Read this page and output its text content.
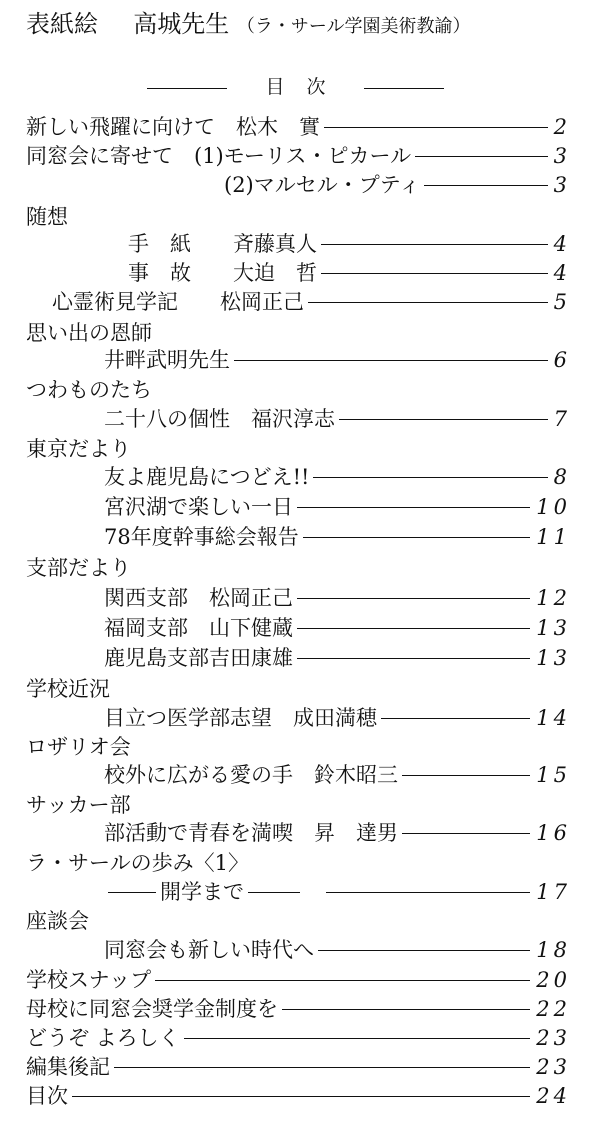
表紙絵 高城先生 （ラ・サール学園美術教諭）
目次
新しい飛躍に向けて　松木　實	2
同窓会に寄せて　(1)モーリス・ピカール	3
(2)マルセル・プティ	3
随想
手　紙　　斉藤真人	4
事　故　　大迫　哲	4
心霊術見学記　　松岡正己	5
思い出の恩師
井畔武明先生	6
つわものたち
二十八の個性　福沢淳志	7
東京だより
友よ鹿児島につどえ!!	8
宮沢湖で楽しい一日	10
78年度幹事総会報告	11
支部だより
関西支部　松岡正己	12
福岡支部　山下健蔵	13
鹿児島支部吉田康雄	13
学校近況
目立つ医学部志望　成田満穂	14
ロザリオ会
校外に広がる愛の手　鈴木昭三	15
サッカー部
部活動で青春を満喫　昇　達男	16
ラ・サールの歩み〈1〉
開学まで	17
座談会
同窓会も新しい時代へ	18
学校スナップ	20
母校に同窓会奨学金制度を	22
どうぞ よろしく	23
編集後記	23
目次	24
